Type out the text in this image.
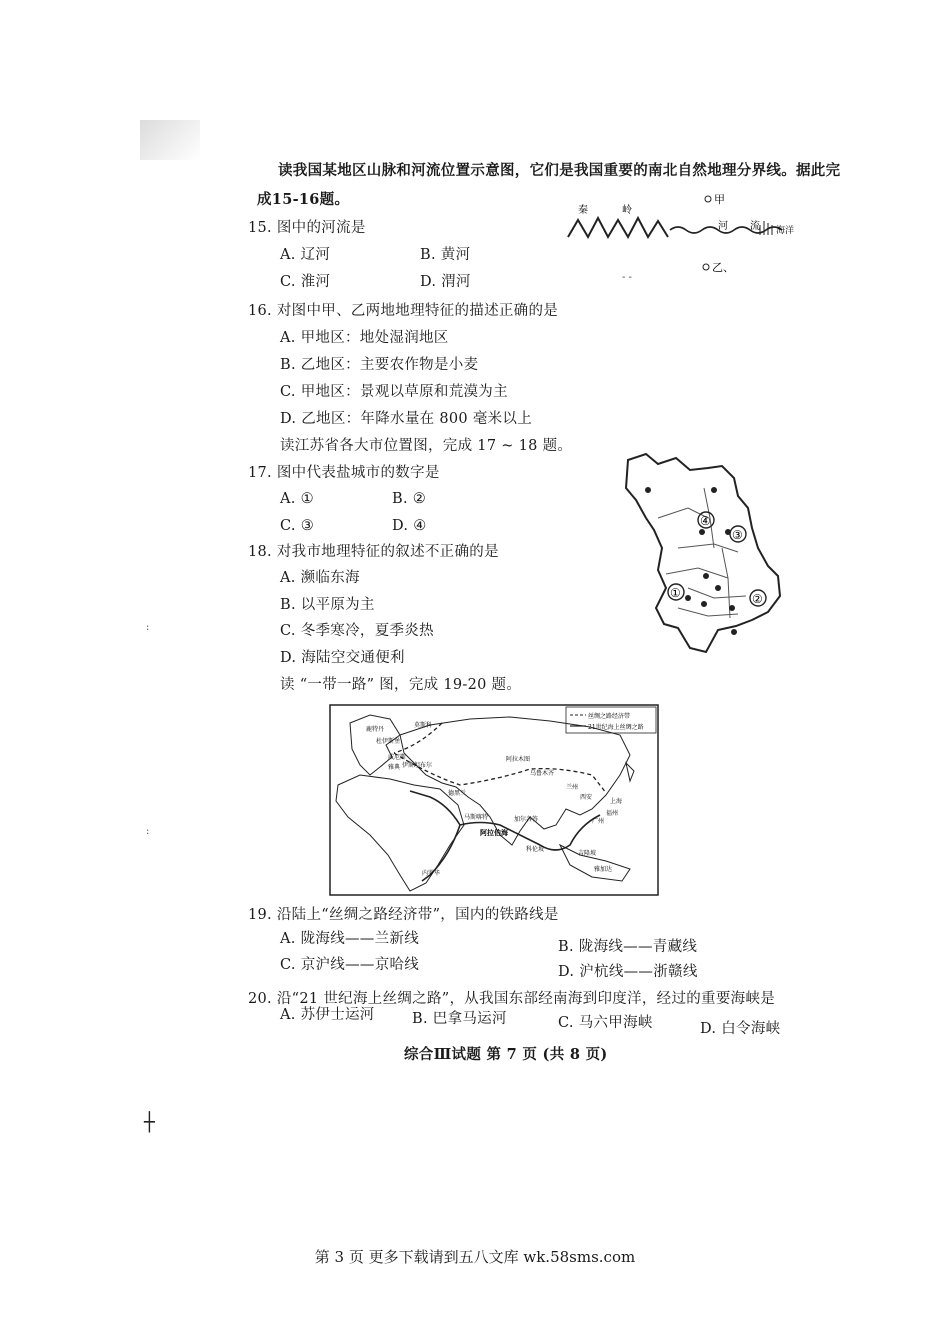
读我国某地区山脉和河流位置示意图，它们是我国重要的南北自然地理分界线。据此完
成15-16题。
15. 图中的河流是
A. 辽河	B. 黄河
C. 淮河	D. 渭河
秦	岭
河 流 海洋
甲
乙、
- -
16. 对图中甲、乙两地地理特征的描述正确的是
A. 甲地区：地处湿润地区
B. 乙地区：主要农作物是小麦
C. 甲地区：景观以草原和荒漠为主
D. 乙地区：年降水量在 800 毫米以上
读江苏省各大市位置图，完成 17 ~ 18 题。
17. 图中代表盐城市的数字是
A. ①	B. ②
C. ③	D. ④	④
③
②
①
18. 对我市地理特征的叙述不正确的是
A. 濒临东海
B. 以平原为主
C. 冬季寒冷，夏季炎热
D. 海陆空交通便利
读 “一带一路” 图，完成 19-20 题。
:
:
丝绸之路经济带
21世纪海上丝绸之路
莫斯科
鹿特丹
杜伊斯堡
威尼斯
伊斯坦布尔
雅典
德黑兰
阿拉木图
乌鲁木齐
兰州
西安
上海
福州
广州
科伦坡
加尔各答
吉隆坡
雅加达
内罗毕
马斯喀特
阿拉伯海
19. 沿陆上“丝绸之路经济带”，国内的铁路线是
A. 陇海线——兰新线	B. 陇海线——青藏线
C. 京沪线——京哈线	D. 沪杭线——浙赣线
20. 沿“21 世纪海上丝绸之路”，从我国东部经南海到印度洋，经过的重要海峡是
A. 苏伊士运河	B. 巴拿马运河	C. 马六甲海峡	D. 白令海峡
综合Ⅲ试题 第 7 页 (共 8 页)
┼
第 3 页 更多下载请到五八文库 wk.58sms.com
